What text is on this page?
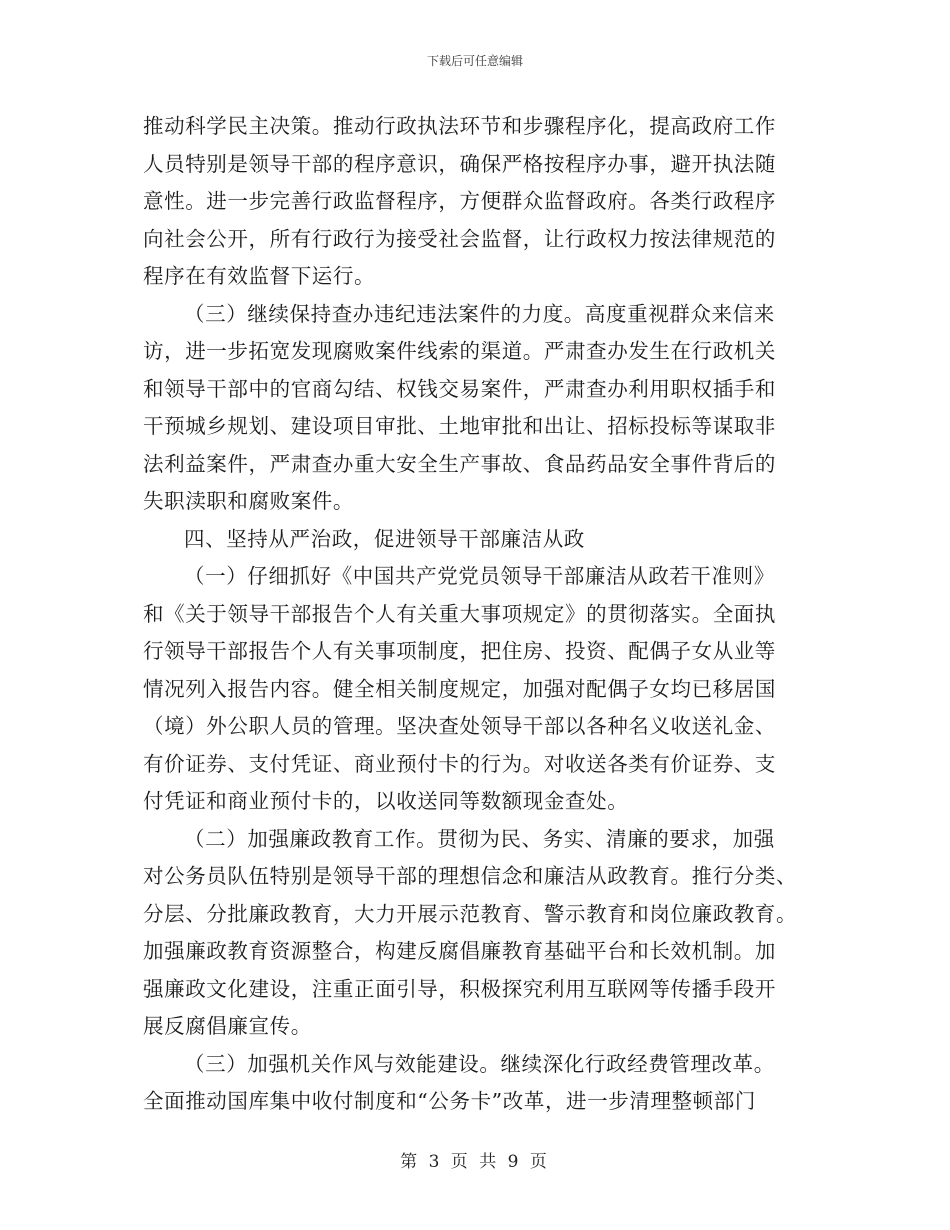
下载后可任意编辑
推动科学民主决策。推动行政执法环节和步骤程序化，提高政府工作
人员特别是领导干部的程序意识，确保严格按程序办事，避开执法随
意性。进一步完善行政监督程序，方便群众监督政府。各类行政程序
向社会公开，所有行政行为接受社会监督，让行政权力按法律规范的
程序在有效监督下运行。
（三）继续保持查办违纪违法案件的力度。高度重视群众来信来
访，进一步拓宽发现腐败案件线索的渠道。严肃查办发生在行政机关
和领导干部中的官商勾结、权钱交易案件，严肃查办利用职权插手和
干预城乡规划、建设项目审批、土地审批和出让、招标投标等谋取非
法利益案件，严肃查办重大安全生产事故、食品药品安全事件背后的
失职渎职和腐败案件。
四、坚持从严治政，促进领导干部廉洁从政
（一）仔细抓好《中国共产党党员领导干部廉洁从政若干准则》
和《关于领导干部报告个人有关重大事项规定》的贯彻落实。全面执
行领导干部报告个人有关事项制度，把住房、投资、配偶子女从业等
情况列入报告内容。健全相关制度规定，加强对配偶子女均已移居国
（境）外公职人员的管理。坚决查处领导干部以各种名义收送礼金、
有价证券、支付凭证、商业预付卡的行为。对收送各类有价证券、支
付凭证和商业预付卡的，以收送同等数额现金查处。
（二）加强廉政教育工作。贯彻为民、务实、清廉的要求，加强
对公务员队伍特别是领导干部的理想信念和廉洁从政教育。推行分类、
分层、分批廉政教育，大力开展示范教育、警示教育和岗位廉政教育。
加强廉政教育资源整合，构建反腐倡廉教育基础平台和长效机制。加
强廉政文化建设，注重正面引导，积极探究利用互联网等传播手段开
展反腐倡廉宣传。
（三）加强机关作风与效能建设。继续深化行政经费管理改革。
全面推动国库集中收付制度和“公务卡”改革，进一步清理整顿部门
第 3 页 共 9 页
